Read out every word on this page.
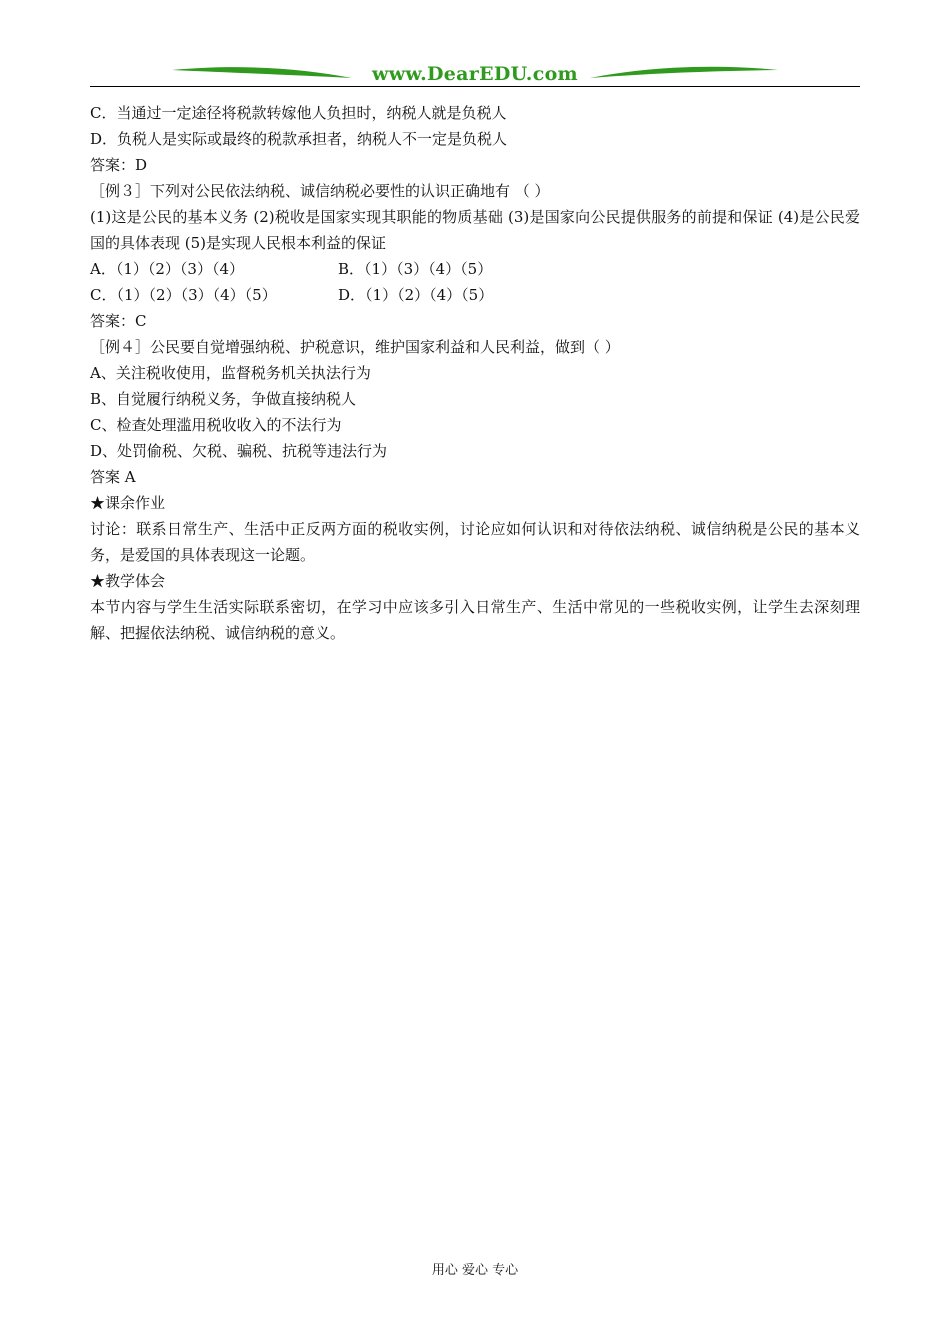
www.DearEDU.com
C．当通过一定途径将税款转嫁他人负担时，纳税人就是负税人
D．负税人是实际或最终的税款承担者，纳税人不一定是负税人
答案：D
［例３］下列对公民依法纳税、诚信纳税必要性的认识正确地有 （ ）
(1)这是公民的基本义务 (2)税收是国家实现其职能的物质基础 (3)是国家向公民提供服务的前提和保证 (4)是公民爱国的具体表现 (5)是实现人民根本利益的保证
A．（1）（2）（3）（4）	B．（1）（3）（4）（5）
C．（1）（2）（3）（4）（5）	D．（1）（2）（4）（5）
答案：C
［例４］公民要自觉增强纳税、护税意识，维护国家利益和人民利益，做到（ ）
A、关注税收使用，监督税务机关执法行为
B、自觉履行纳税义务，争做直接纳税人
C、检查处理滥用税收收入的不法行为
D、处罚偷税、欠税、骗税、抗税等违法行为
答案 A
★课余作业
讨论：联系日常生产、生活中正反两方面的税收实例，讨论应如何认识和对待依法纳税、诚信纳税是公民的基本义务，是爱国的具体表现这一论题。
★教学体会
本节内容与学生生活实际联系密切，在学习中应该多引入日常生产、生活中常见的一些税收实例，让学生去深刻理解、把握依法纳税、诚信纳税的意义。
用心 爱心 专心
